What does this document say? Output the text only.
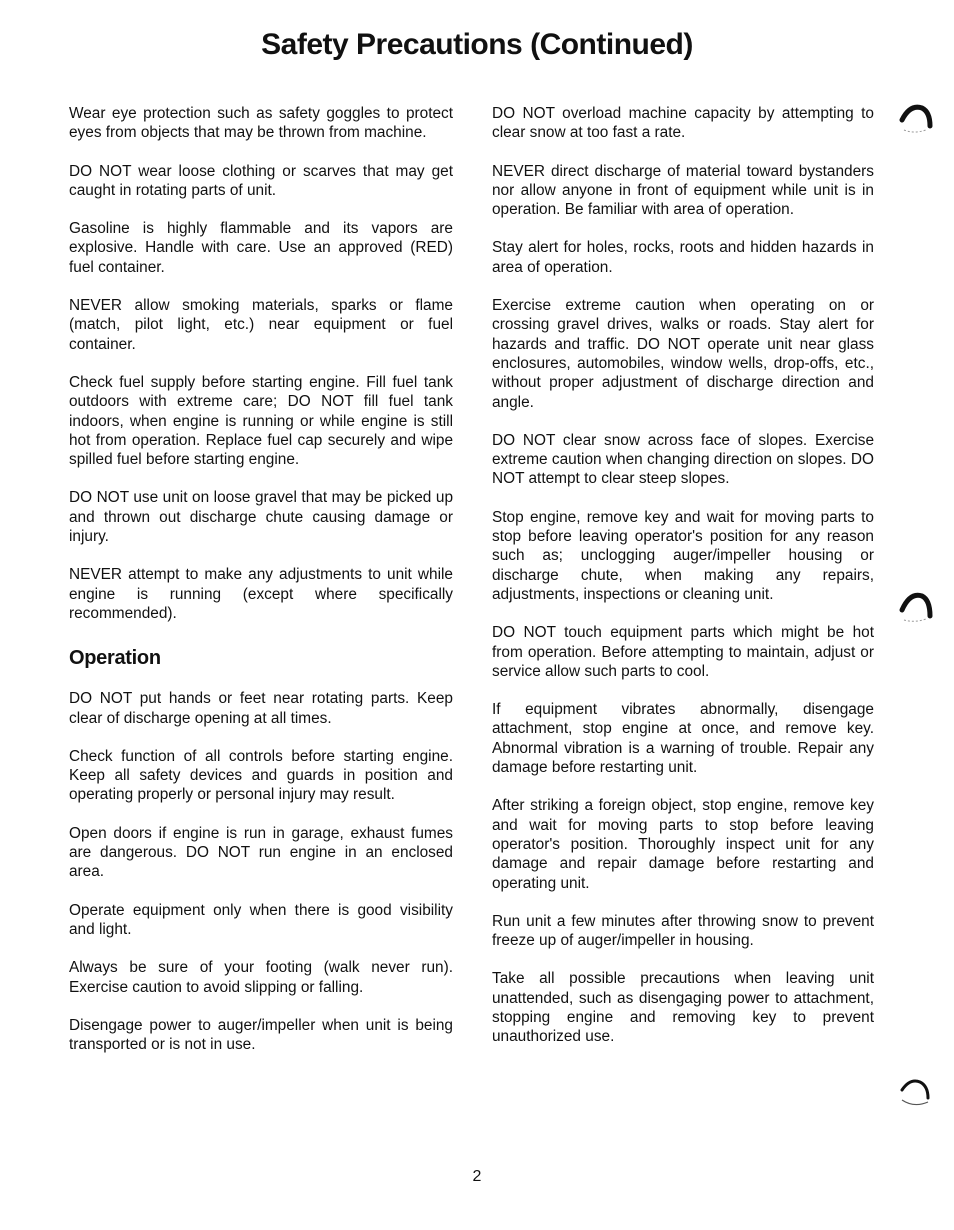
Safety Precautions (Continued)

Wear eye protection such as safety goggles to protect eyes from objects that may be thrown from machine.

DO NOT wear loose clothing or scarves that may get caught in rotating parts of unit.

Gasoline is highly flammable and its vapors are explosive. Handle with care. Use an approved (RED) fuel container.

NEVER allow smoking materials, sparks or flame (match, pilot light, etc.) near equipment or fuel container.

Check fuel supply before starting engine. Fill fuel tank outdoors with extreme care; DO NOT fill fuel tank indoors, when engine is running or while engine is still hot from operation. Replace fuel cap securely and wipe spilled fuel before starting engine.

DO NOT use unit on loose gravel that may be picked up and thrown out discharge chute causing damage or injury.

NEVER attempt to make any adjustments to unit while engine is running (except where specifically recommended).

Operation

DO NOT put hands or feet near rotating parts. Keep clear of discharge opening at all times.

Check function of all controls before starting engine. Keep all safety devices and guards in position and operating properly or personal injury may result.

Open doors if engine is run in garage, exhaust fumes are dangerous. DO NOT run engine in an enclosed area.

Operate equipment only when there is good visibility and light.

Always be sure of your footing (walk never run). Exercise caution to avoid slipping or falling.

Disengage power to auger/impeller when unit is being transported or is not in use.

DO NOT overload machine capacity by attempting to clear snow at too fast a rate.

NEVER direct discharge of material toward bystanders nor allow anyone in front of equipment while unit is in operation. Be familiar with area of operation.

Stay alert for holes, rocks, roots and hidden hazards in area of operation.

Exercise extreme caution when operating on or crossing gravel drives, walks or roads. Stay alert for hazards and traffic. DO NOT operate unit near glass enclosures, automobiles, window wells, drop-offs, etc., without proper adjustment of discharge direction and angle.

DO NOT clear snow across face of slopes. Exercise extreme caution when changing direction on slopes. DO NOT attempt to clear steep slopes.

Stop engine, remove key and wait for moving parts to stop before leaving operator's position for any reason such as; unclogging auger/impeller housing or discharge chute, when making any repairs, adjustments, inspections or cleaning unit.

DO NOT touch equipment parts which might be hot from operation. Before attempting to maintain, adjust or service allow such parts to cool.

If equipment vibrates abnormally, disengage attachment, stop engine at once, and remove key. Abnormal vibration is a warning of trouble. Repair any damage before restarting unit.

After striking a foreign object, stop engine, remove key and wait for moving parts to stop before leaving operator's position. Thoroughly inspect unit for any damage and repair damage before restarting and operating unit.

Run unit a few minutes after throwing snow to prevent freeze up of auger/impeller in housing.

Take all possible precautions when leaving unit unattended, such as disengaging power to attachment, stopping engine and removing key to prevent unauthorized use.

2
